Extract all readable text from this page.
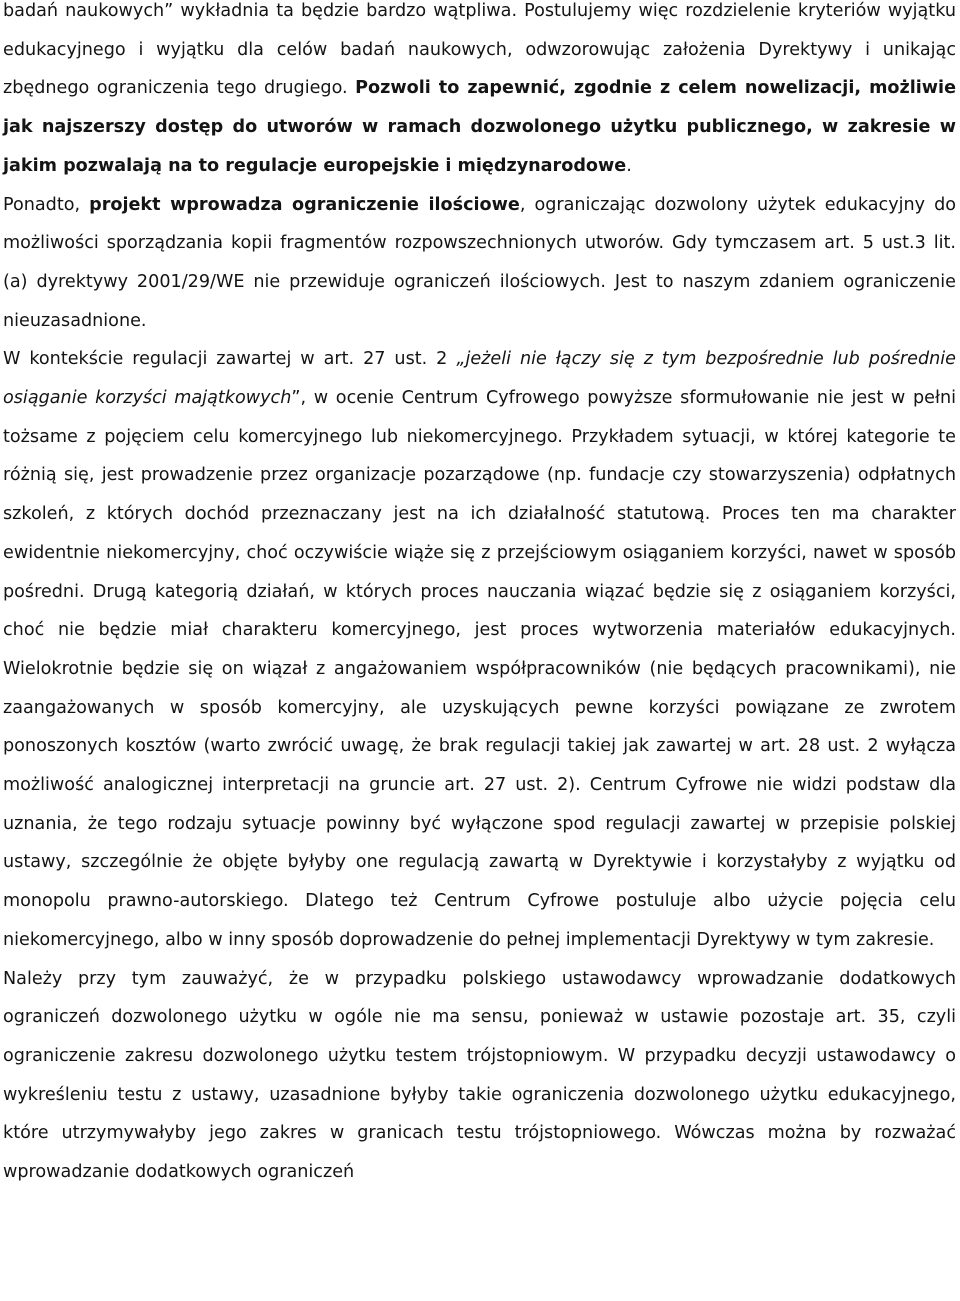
badań naukowych” wykładnia ta będzie bardzo wątpliwa. Postulujemy więc rozdzielenie kryteriów wyjątku edukacyjnego i wyjątku dla celów badań naukowych, odwzorowując założenia Dyrektywy i unikając zbędnego ograniczenia tego drugiego. Pozwoli to zapewnić, zgodnie z celem nowelizacji, możliwie jak najszerszy dostęp do utworów w ramach dozwolonego użytku publicznego, w zakresie w jakim pozwalają na to regulacje europejskie i międzynarodowe.

Ponadto, projekt wprowadza ograniczenie ilościowe, ograniczając dozwolony użytek edukacyjny do możliwości sporządzania kopii fragmentów rozpowszechnionych utworów. Gdy tymczasem art. 5 ust.3 lit. (a) dyrektywy 2001/29/WE nie przewiduje ograniczeń ilościowych. Jest to naszym zdaniem ograniczenie nieuzasadnione.

W kontekście regulacji zawartej w art. 27 ust. 2 „jeżeli nie łączy się z tym bezpośrednie lub pośrednie osiąganie korzyści majątkowych”, w ocenie Centrum Cyfrowego powyższe sformułowanie nie jest w pełni tożsame z pojęciem celu komercyjnego lub niekomercyjnego. Przykładem sytuacji, w której kategorie te różnią się, jest prowadzenie przez organizacje pozarządowe (np. fundacje czy stowarzyszenia) odpłatnych szkoleń, z których dochód przeznaczany jest na ich działalność statutową. Proces ten ma charakter ewidentnie niekomercyjny, choć oczywiście wiąże się z przejściowym osiąganiem korzyści, nawet w sposób pośredni. Drugą kategorią działań, w których proces nauczania wiązać będzie się z osiąganiem korzyści, choć nie będzie miał charakteru komercyjnego, jest proces wytworzenia materiałów edukacyjnych. Wielokrotnie będzie się on wiązał z angażowaniem współpracowników (nie będących pracownikami), nie zaangażowanych w sposób komercyjny, ale uzyskujących pewne korzyści powiązane ze zwrotem ponoszonych kosztów (warto zwrócić uwagę, że brak regulacji takiej jak zawartej w art. 28 ust. 2 wyłącza możliwość analogicznej interpretacji na gruncie art. 27 ust. 2). Centrum Cyfrowe nie widzi podstaw dla uznania, że tego rodzaju sytuacje powinny być wyłączone spod regulacji zawartej w przepisie polskiej ustawy, szczególnie że objęte byłyby one regulacją zawartą w Dyrektywie i korzystałyby z wyjątku od monopolu prawno-autorskiego. Dlatego też Centrum Cyfrowe postuluje albo użycie pojęcia celu niekomercyjnego, albo w inny sposób doprowadzenie do pełnej implementacji Dyrektywy w tym zakresie.

Należy przy tym zauważyć, że w przypadku polskiego ustawodawcy wprowadzanie dodatkowych ograniczeń dozwolonego użytku w ogóle nie ma sensu, ponieważ w ustawie pozostaje art. 35, czyli ograniczenie zakresu dozwolonego użytku testem trójstopniowym. W przypadku decyzji ustawodawcy o wykreśleniu testu z ustawy, uzasadnione byłyby takie ograniczenia dozwolonego użytku edukacyjnego, które utrzymywałyby jego zakres w granicach testu trójstopniowego. Wówczas można by rozważać wprowadzanie dodatkowych ograniczeń
